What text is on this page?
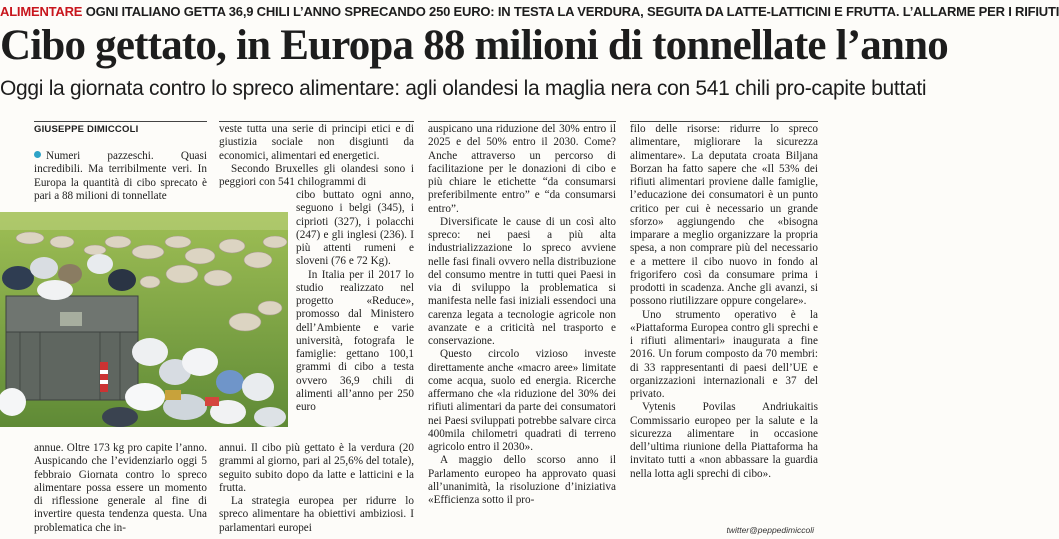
ALIMENTARE OGNI ITALIANO GETTA 36,9 CHILI L’ANNO SPRECANDO 250 EURO: IN TESTA LA VERDURA, SEGUITA DA LATTE-LATTICINI E FRUTTA. L’ALLARME PER I RIFIUTI
Cibo gettato, in Europa 88 milioni di tonnellate l’anno
Oggi la giornata contro lo spreco alimentare: agli olandesi la maglia nera con 541 chili pro-capite buttati
GIUSEPPE DIMICCOLI

Numeri pazzeschi. Quasi incredibili. Ma terribilmente veri. In Europa la quantità di cibo sprecato è pari a 88 milioni di tonnellate

annue. Oltre 173 kg pro capite l’anno. Auspicando che l’evidenziarlo oggi 5 febbraio Giornata contro lo spreco alimentare possa essere un momento di riflessione generale al fine di invertire questa tendenza questa. Una problematica che in-

veste tutta una serie di principi etici e di giustizia sociale non disgiunti da economici, alimentari ed energetici.

Secondo Bruxelles gli olandesi sono i peggiori con 541 chilogrammi di

cibo buttato ogni anno, seguono i belgi (345), i ciprioti (327), i polacchi (247) e gli inglesi (236). I più attenti rumeni e sloveni (76 e 72 Kg).

In Italia per il 2017 lo studio realizzato nel progetto «Reduce», promosso dal Ministero dell’Ambiente e varie università, fotografa le famiglie: gettano 100,1 grammi di cibo a testa ovvero 36,9 chili di alimenti all’anno per 250 euro

annui. Il cibo più gettato è la verdura (20 grammi al giorno, pari al 25,6% del totale), seguito subito dopo da latte e latticini e la frutta.

La strategia europea per ridurre lo spreco alimentare ha obiettivi ambiziosi. I parlamentari europei

auspicano una riduzione del 30% entro il 2025 e del 50% entro il 2030. Come? Anche attraverso un percorso di facilitazione per le donazioni di cibo e più chiare le etichette “da consumarsi preferibilmente entro” e “da consumarsi entro”.

Diversificate le cause di un così alto spreco: nei paesi a più alta industrializzazione lo spreco avviene nelle fasi finali ovvero nella distribuzione del consumo mentre in tutti quei Paesi in via di sviluppo la problematica si manifesta nelle fasi iniziali essendoci una carenza legata a tecnologie agricole non avanzate e a criticità nel trasporto e conservazione.

Questo circolo vizioso investe direttamente anche «macro aree» limitate come acqua, suolo ed energia. Ricerche affermano che «la riduzione del 30% dei rifiuti alimentari da parte dei consumatori nei Paesi sviluppati potrebbe salvare circa 400mila chilometri quadrati di terreno agricolo entro il 2030».

A maggio dello scorso anno il Parlamento europeo ha approvato quasi all’unanimità, la risoluzione d’iniziativa «Efficienza sotto il pro-

filo delle risorse: ridurre lo spreco alimentare, migliorare la sicurezza alimentare». La deputata croata Biljana Borzan ha fatto sapere che «Il 53% dei rifiuti alimentari proviene dalle famiglie, l’educazione dei consumatori è un punto critico per cui è necessario un grande sforzo» aggiungendo che «bisogna imparare a meglio organizzare la propria spesa, a non comprare più del necessario e a mettere il cibo nuovo in fondo al frigorifero così da consumare prima i prodotti in scadenza. Anche gli avanzi, si possono riutilizzare oppure congelare».

Uno strumento operativo è la «Piattaforma Europea contro gli sprechi e i rifiuti alimentari» inaugurata a fine 2016. Un forum composto da 70 membri: di 33 rappresentanti di paesi dell’UE e organizzazioni internazionali e 37 del privato.

Vytenis Povilas Andriukaitis Commissario europeo per la salute e la sicurezza alimentare in occasione dell’ultima riunione della Piattaforma ha invitato tutti a «non abbassare la guardia nella lotta agli sprechi di cibo».

twitter@peppedimiccoli
